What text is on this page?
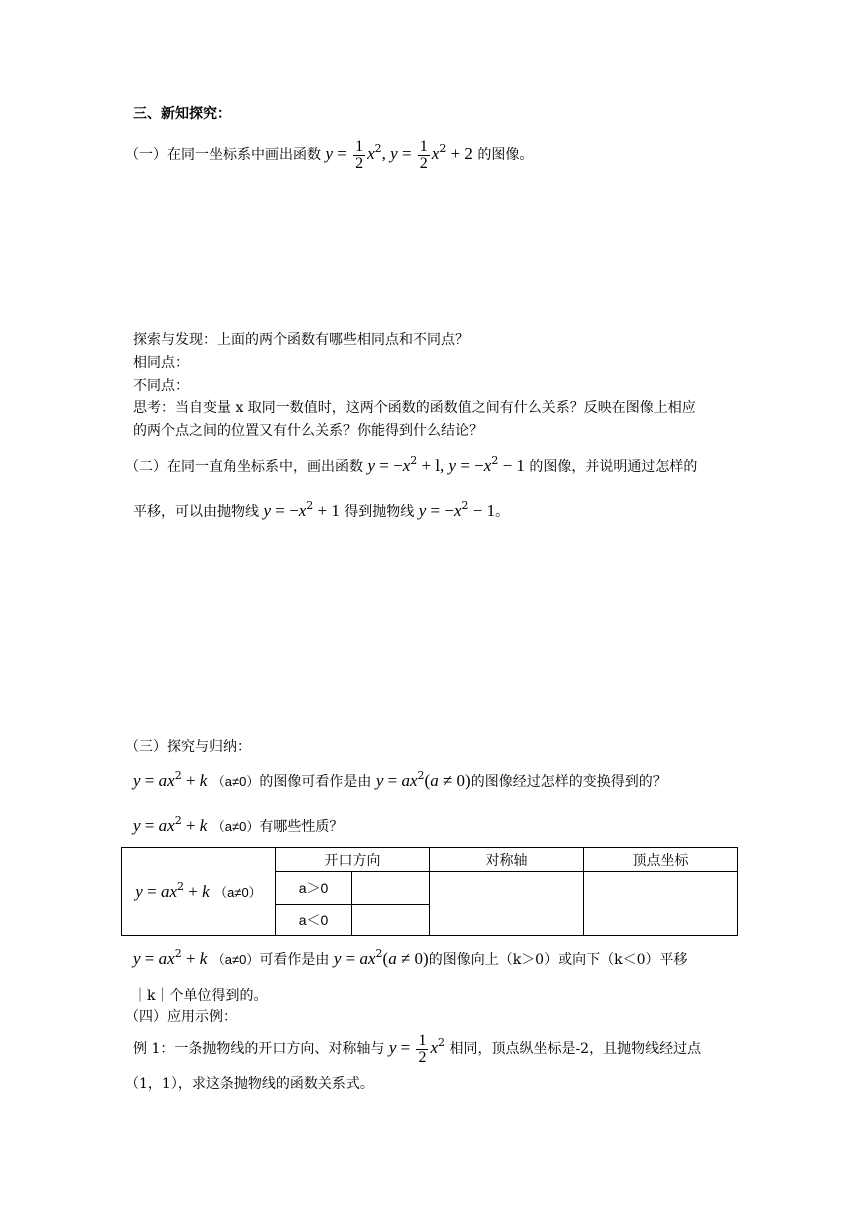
三、新知探究：
（一）在同一坐标系中画出函数 $y = \frac{1}{2} x^2$, $y = \frac{1}{2} x^2 + 2$ 的图像。
探索与发现：上面的两个函数有哪些相同点和不同点？
相同点：
不同点：
思考：当自变量 x 取同一数值时，这两个函数的函数值之间有什么关系？反映在图像上相应
的两个点之间的位置又有什么关系？你能得到什么结论？
（二）在同一直角坐标系中，画出函数 $y = -x^2 + l$, $y = -x^2 - 1$ 的图像，并说明通过怎样的
平移，可以由抛物线 $y = -x^2 + 1$ 得到抛物线 $y = -x^2 - 1$。
（三）探究与归纳：
$y = ax^2 + k$ （a≠0）的图像可看作是由 $y = ax^2(a \ne 0)$的图像经过怎样的变换得到的？
$y = ax^2 + k$ （a≠0）有哪些性质？
$y = ax^2 + k$ （a≠0）	开口方向		对称轴	顶点坐标
	a＞0			
	a＜0			
$y = ax^2 + k$ （a≠0）可看作是由 $y = ax^2(a \ne 0)$的图像向上（k＞0）或向下（k＜0）平移
｜k｜个单位得到的。
（四）应用示例：
例 1：一条抛物线的开口方向、对称轴与 $y = \frac{1}{2} x^2$ 相同，顶点纵坐标是-2，且抛物线经过点
（1，1），求这条抛物线的函数关系式。
